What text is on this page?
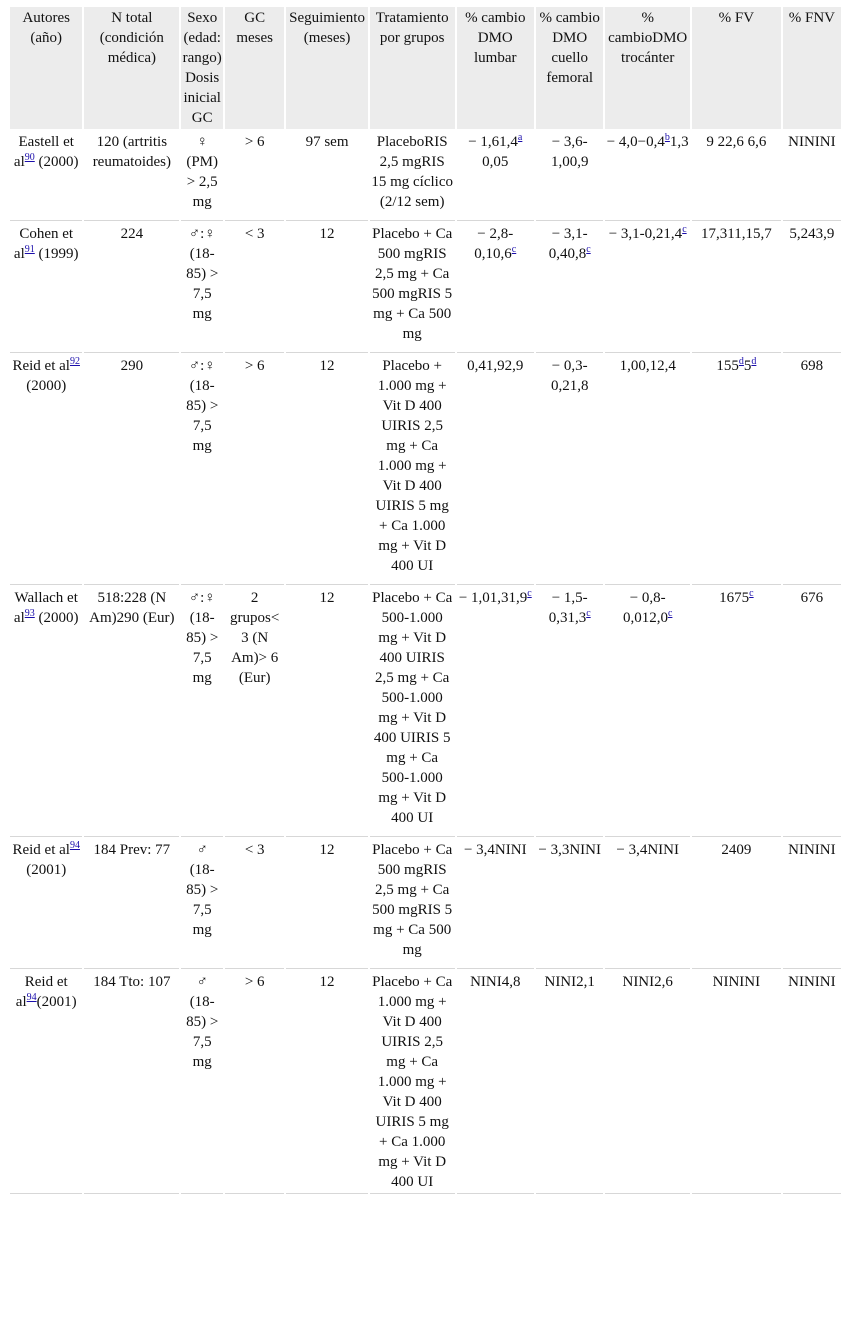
Autores (año)	N total (condición médica)	Sexo (edad: rango) Dosis inicial GC	GC meses	Seguimiento (meses)	Tratamiento por grupos	% cambio DMO lumbar	% cambio DMO cuello femoral	% cambioDMO trocánter	% FV	% FNV
Eastell et al$^{90}$ (2000)	120 (artritis reumatoides)	♀ (PM) > 2,5 mg	> 6	97 sem	PlaceboRIS 2,5 mgRIS 15 mg cíclico (2/12 sem)	− 1,61,4$^a$ 0,05	− 3,6-1,00,9	− 4,0−0,4$^b$1,3	9 22,6 6,6	NININI
Cohen et al$^{91}$ (1999)	224	♂:♀ (18-85) > 7,5 mg	< 3	12	Placebo + Ca 500 mgRIS 2,5 mg + Ca 500 mgRIS 5 mg + Ca 500 mg	− 2,8-0,10,6$^c$	− 3,1-0,40,8$^c$	− 3,1-0,21,4$^c$	17,311,15,7	5,243,9
Reid et al$^{92}$ (2000)	290	♂:♀ (18-85) > 7,5 mg	> 6	12	Placebo + 1.000 mg + Vit D 400 UIRIS 2,5 mg + Ca 1.000 mg + Vit D 400 UIRIS 5 mg + Ca 1.000 mg + Vit D 400 UI	0,41,92,9	− 0,3-0,21,8	1,00,12,4	155$^d$5$^d$	698
Wallach et al$^{93}$ (2000)	518:228 (N Am)290 (Eur)	♂:♀ (18-85) > 7,5 mg	2 grupos< 3 (N Am)> 6 (Eur)	12	Placebo + Ca 500-1.000 mg + Vit D 400 UIRIS 2,5 mg + Ca 500-1.000 mg + Vit D 400 UIRIS 5 mg + Ca 500-1.000 mg + Vit D 400 UI	− 1,01,31,9$^c$	− 1,5-0,31,3$^c$	− 0,8-0,012,0$^c$	1675$^c$	676
Reid et al$^{94}$ (2001)	184 Prev: 77	♂ (18-85) > 7,5 mg	< 3	12	Placebo + Ca 500 mgRIS 2,5 mg + Ca 500 mgRIS 5 mg + Ca 500 mg	− 3,4NINI	− 3,3NINI	− 3,4NINI	2409	NININI
Reid et al$^{94}$(2001)	184 Tto: 107	♂ (18-85) > 7,5 mg	> 6	12	Placebo + Ca 1.000 mg + Vit D 400 UIRIS 2,5 mg + Ca 1.000 mg + Vit D 400 UIRIS 5 mg + Ca 1.000 mg + Vit D 400 UI	NINI4,8	NINI2,1	NINI2,6	NININI	NININI
